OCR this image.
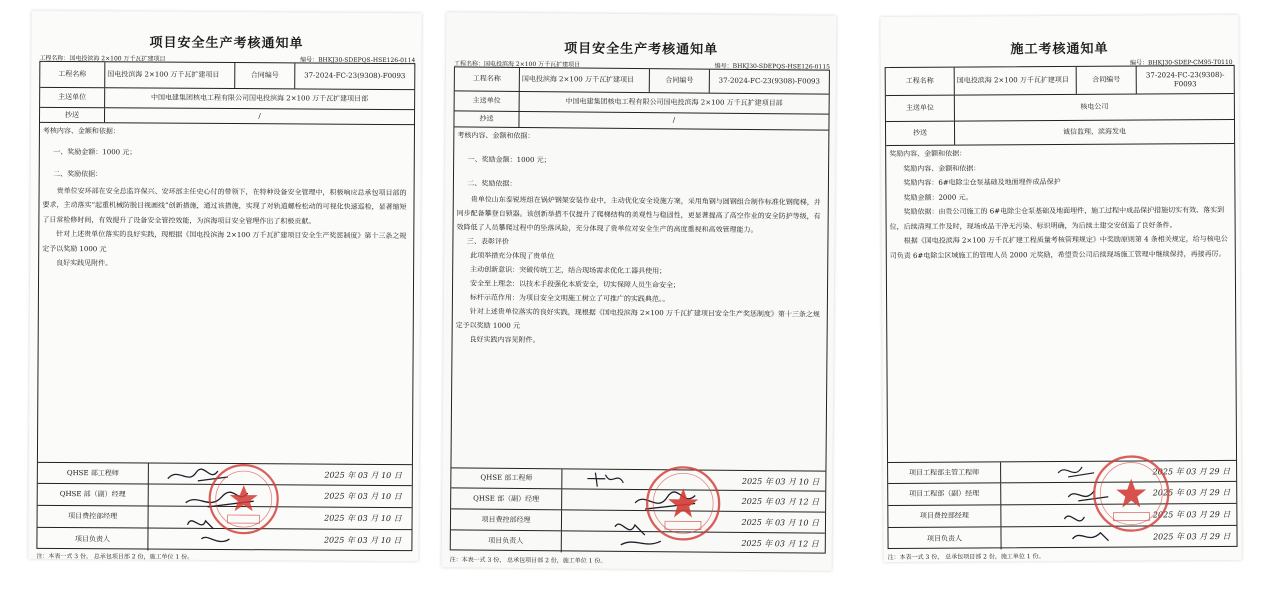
项目安全生产考核通知单
工程名称：国电投滨海 2×100 万千瓦扩建项目	编号：BHKJ30-SDEPQS-HSE126-0114
工程名称	国电投滨海 2×100 万千瓦扩建项目	合同编号	37-2024-FC-23(9308)-F0093
主送单位	中国电建集团核电工程有限公司国电投滨海 2×100 万千瓦扩建项目部
抄送	/

考核内容、金额和依据：

一、奖励金额：1000 元；

二、奖励依据：

贵单位安环部在安全总监许保兴、安环部主任史心付的带领下，在特种设备安全管理中，积极响应总承包项目部的要求，主动落实“起重机械防脱目视画线”创新措施，通过该措施，实现了对轨道螺栓松动的可视化快速巡检，显著缩短了日常检修时间，有效提升了设备安全管控效能，为滨海项目安全管理作出了积极贡献。

针对上述贵单位落实的良好实践，现根据《国电投滨海 2×100 万千瓦扩建项目安全生产奖惩制度》第十三条之规定予以奖励 1000 元

良好实践见附件。

QHSE 部工程师	2025 年 03 月 10 日
QHSE 部（副）经理	2025 年 03 月 10 日
项目费控部经理	2025 年 03 月 10 日
项目负责人	2025 年 03 月 10 日
注：本表一式 3 份， 总承包项目部 2 份，施工单位 1 份。
项目安全生产考核通知单
工程名称：国电投滨海 2×100 万千瓦扩建项目	编号：BHKJ30-SDEPQS-HSE126-0115
工程名称	国电投滨海 2×100 万千瓦扩建项目	合同编号	37-2024-FC-23(9308)-F0093
主送单位	中国电建集团核电工程有限公司国电投滨海 2×100 万千瓦扩建项目部
抄送	/

考核内容、金额和依据：

一、奖励金额：1000 元；

二、奖励依据：

贵单位山东泰锐班组在锅炉钢架安装作业中，主动优化安全设施方案，采用角钢与圆钢组合制作标准化钢爬梯，并同步配备攀登自锁器。该创新举措不仅提升了爬梯结构的美观性与稳固性，更显著提高了高空作业的安全防护等级，有效降低了人员攀爬过程中的坠落风险，充分体现了贵单位对安全生产的高度重视和高效管理能力。

三、表彰评价

此项举措充分体现了贵单位

主动创新意识：突破传统工艺，结合现场需求优化工器具使用；

安全至上理念：以技术手段强化本质安全，切实保障人员生命安全；

标杆示范作用：为项目安全文明施工树立了可推广的实践典范。。

针对上述贵单位落实的良好实践，现根据《国电投滨海 2×100 万千瓦扩建项目安全生产奖惩制度》第十三条之规定予以奖励 1000 元

良好实践内容见附件。

QHSE 部工程师	2025 年 03 月 10 日
QHSE 部（副）经理	2025 年 03 月 12 日
项目费控部经理	2025 年 03 月 10 日
项目负责人	2025 年 03 月 12 日
注：本表一式 3 份， 总承包项目部 2 份，施工单位 1 份。
施工考核通知单
编号：BHKJ30-SDEP-CM95-T0110
工程名称	国电投滨海 2×100 万千瓦扩建项目	合同编号
37-2024-FC-23(9308)-F0093
主送单位	核电公司
抄送	诚信监理、滨海发电

奖励内容、金额和依据：

奖励内容、金额和依据：

奖励内容：6#电除尘仓泵基础及地面埋件成品保护

奖励金额：2000 元。

奖励依据：由贵公司施工的 6#电除尘仓泵基础及地面埋件，施工过程中成品保护措施切实有效、落实到位，后续清理工作及时，现场成品干净无污染、标识明确，为后续土建交安创造了良好条件。

根据《国电投滨海 2×100 万千瓦扩建工程质量考核管理规定》中奖励原则第 4 条相关规定，给与核电公司负责 6#电除尘区域施工的管理人员 2000 元奖励，希望贵公司后续现场施工管理中继续保持，再接再厉。

项目工程部主管工程师	2025 年 03 月 29 日
项目工程部（副）经理	2025 年 03 月 29 日
项目费控部经理	2025 年 03 月 29 日
项目负责人	2025 年 03 月 29 日
注：本表一式 3 份， 总承包项目部 2 份，施工单位 1 份。
